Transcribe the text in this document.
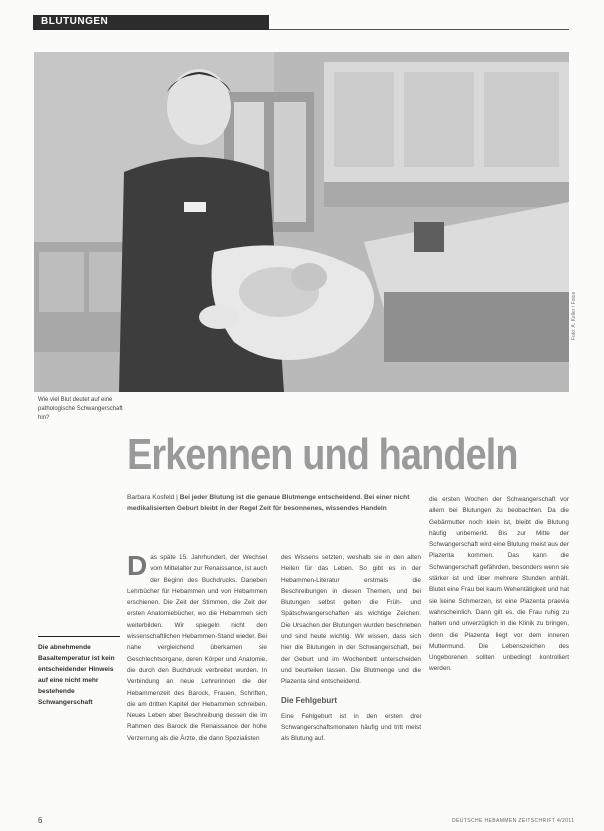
BLUTUNGEN
Foto: A. Keller / Fotos
Wie viel Blut deutet auf eine pathologische Schwangerschaft hin?
Erkennen und handeln
Barbara Kosfeld | Bei jeder Blutung ist die genaue Blutmenge entscheidend. Bei einer nicht medikalisierten Geburt bleibt in der Regel Zeit für besonnenes, wissendes Handeln
D as späte 15. Jahrhundert, der Wechsel vom Mittelalter zur Renaissance, ist auch der Beginn des Buchdrucks. Daneben Lehrbücher für Hebammen und von Hebammen erschienen. Die Zeit der Stimmen, die Zeit der ersten Anatomiebücher, wo die Hebammen sich weiterbilden. Wir spiegeln nicht den wissenschaftlichen Hebammen-Stand wieder. Bei nahe vergleichend überkamen sie Geschlechtsorgane, deren Körper und Anatomie, die durch den Buchdruck verbreitet wurden. In Verbindung an neue Lehrerinnen die der Hebammenzeit des Barock, Frauen, Schriften, die am dritten Kapitel der Hebammen schreiben. Neues Leben aber Beschreibung dessen die im Rahmen des Barock die Renaissance der hohe Verzerrung als die Ärzte, die dann Spezialisten

des Wissens setzten, weshalb sie in den alten Heilen für das Leben. So gibt es in der Hebammen-Literatur erstmals die Beschreibungen in diesen Themen, und bei Blutungen selbst gelten die Früh- und Spätschwangerschaften als wichtige Zeichen. Die Ursachen der Blutungen wurden beschrieben und sind heute wichtig. Wir wissen, dass sich hier die Blutungen in der Schwangerschaft, bei der Geburt und im Wochenbett unterscheiden und beurteilen lassen. Die Blutmenge und die Plazenta sind entscheidend.

Die Fehlgeburt

Eine Fehlgeburt ist in den ersten drei Schwangerschaftsmonaten häufig und tritt meist als Blutung auf.

die ersten Wochen der Schwangerschaft vor allem bei Blutungen zu beobachten. Da die Gebärmutter noch klein ist, bleibt die Blutung häufig unbemerkt. Bis zur Mitte der Schwangerschaft wird eine Blutung meist aus der Plazenta kommen. Das kann die Schwangerschaft gefährden, besonders wenn sie stärker ist und über mehrere Stunden anhält. Blutet eine Frau bei kaum Wehentätigkeit und hat sie keine Schmerzen, ist eine Plazenta praevia wahrscheinlich. Dann gilt es, die Frau ruhig zu halten und unverzüglich in die Klinik zu bringen, denn die Plazenta liegt vor dem inneren Muttermund. Die Lebenszeichen des Ungeborenen sollten unbedingt kontrolliert werden.
Die abnehmende Basaltemperatur ist kein entscheidender Hinweis auf eine nicht mehr bestehende Schwangerschaft
6	DEUTSCHE HEBAMMEN ZEITSCHRIFT 4/2011
